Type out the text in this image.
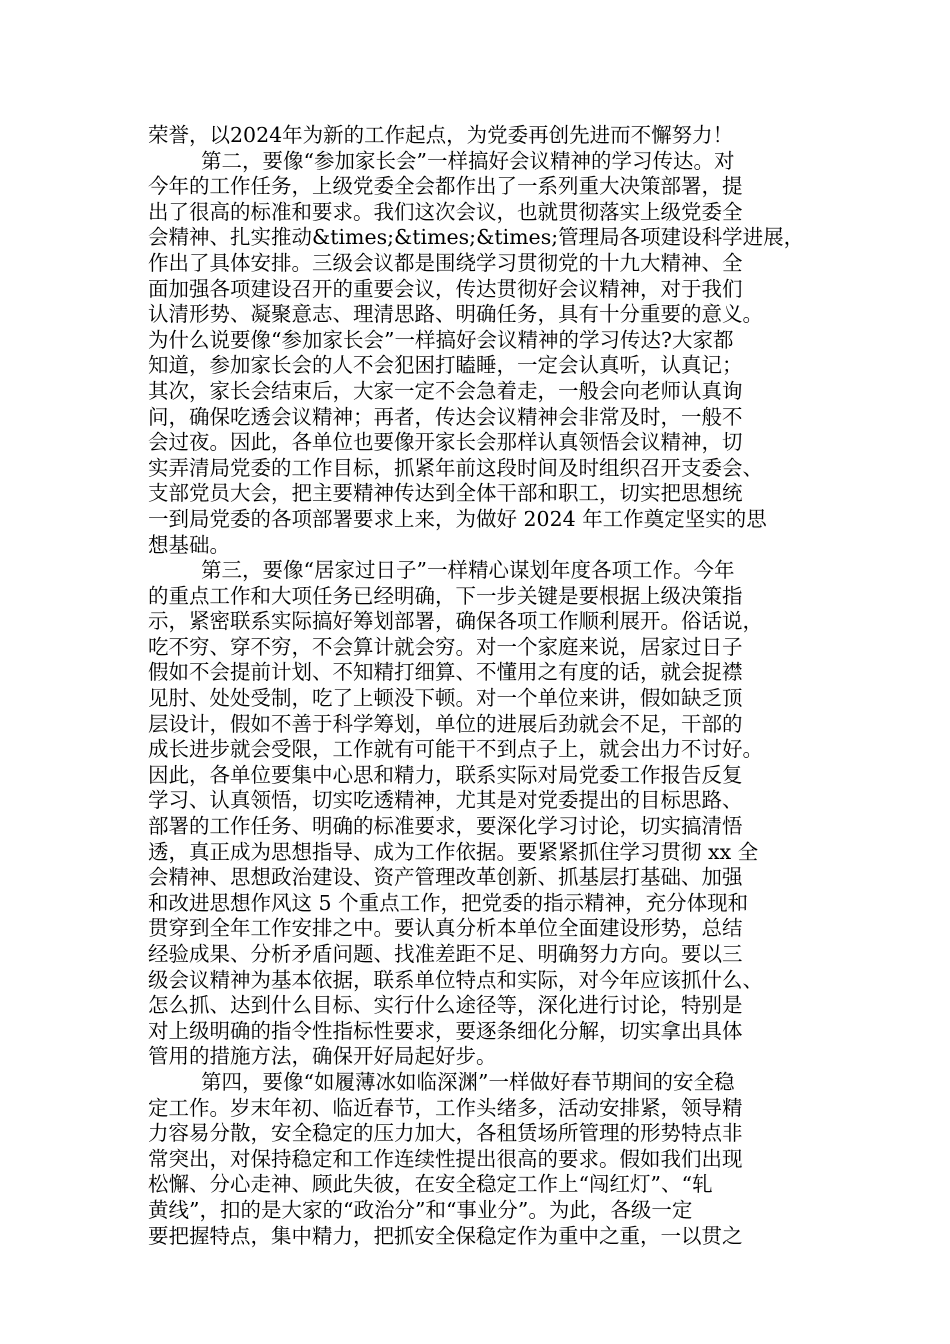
荣誉，以2024年为新的工作起点，为党委再创先进而不懈努力！
第二，要像“参加家长会”一样搞好会议精神的学习传达。对
今年的工作任务，上级党委全会都作出了一系列重大决策部署，提
出了很高的标准和要求。我们这次会议，也就贯彻落实上级党委全
会精神、扎实推动&times;&times;&times;管理局各项建设科学进展，
作出了具体安排。三级会议都是围绕学习贯彻党的十九大精神、全
面加强各项建设召开的重要会议，传达贯彻好会议精神，对于我们
认清形势、凝聚意志、理清思路、明确任务，具有十分重要的意义。
为什么说要像“参加家长会”一样搞好会议精神的学习传达?大家都
知道，参加家长会的人不会犯困打瞌睡，一定会认真听，认真记；
其次，家长会结束后，大家一定不会急着走，一般会向老师认真询
问，确保吃透会议精神；再者，传达会议精神会非常及时，一般不
会过夜。因此，各单位也要像开家长会那样认真领悟会议精神，切
实弄清局党委的工作目标，抓紧年前这段时间及时组织召开支委会、
支部党员大会，把主要精神传达到全体干部和职工，切实把思想统
一到局党委的各项部署要求上来，为做好 2024 年工作奠定坚实的思
想基础。
第三，要像“居家过日子”一样精心谋划年度各项工作。今年
的重点工作和大项任务已经明确，下一步关键是要根据上级决策指
示，紧密联系实际搞好筹划部署，确保各项工作顺利展开。俗话说，
吃不穷、穿不穷，不会算计就会穷。对一个家庭来说，居家过日子
假如不会提前计划、不知精打细算、不懂用之有度的话，就会捉襟
见肘、处处受制，吃了上顿没下顿。对一个单位来讲，假如缺乏顶
层设计，假如不善于科学筹划，单位的进展后劲就会不足，干部的
成长进步就会受限，工作就有可能干不到点子上，就会出力不讨好。
因此，各单位要集中心思和精力，联系实际对局党委工作报告反复
学习、认真领悟，切实吃透精神，尤其是对党委提出的目标思路、
部署的工作任务、明确的标准要求，要深化学习讨论，切实搞清悟
透，真正成为思想指导、成为工作依据。要紧紧抓住学习贯彻 xx 全
会精神、思想政治建设、资产管理改革创新、抓基层打基础、加强
和改进思想作风这 5 个重点工作，把党委的指示精神，充分体现和
贯穿到全年工作安排之中。要认真分析本单位全面建设形势，总结
经验成果、分析矛盾问题、找准差距不足、明确努力方向。要以三
级会议精神为基本依据，联系单位特点和实际，对今年应该抓什么、
怎么抓、达到什么目标、实行什么途径等，深化进行讨论，特别是
对上级明确的指令性指标性要求，要逐条细化分解，切实拿出具体
管用的措施方法，确保开好局起好步。
第四，要像“如履薄冰如临深渊”一样做好春节期间的安全稳
定工作。岁末年初、临近春节，工作头绪多，活动安排紧，领导精
力容易分散，安全稳定的压力加大，各租赁场所管理的形势特点非
常突出，对保持稳定和工作连续性提出很高的要求。假如我们出现
松懈、分心走神、顾此失彼，在安全稳定工作上“闯红灯”、“轧
黄线”，扣的是大家的“政治分”和“事业分”。为此，各级一定
要把握特点，集中精力，把抓安全保稳定作为重中之重，一以贯之
